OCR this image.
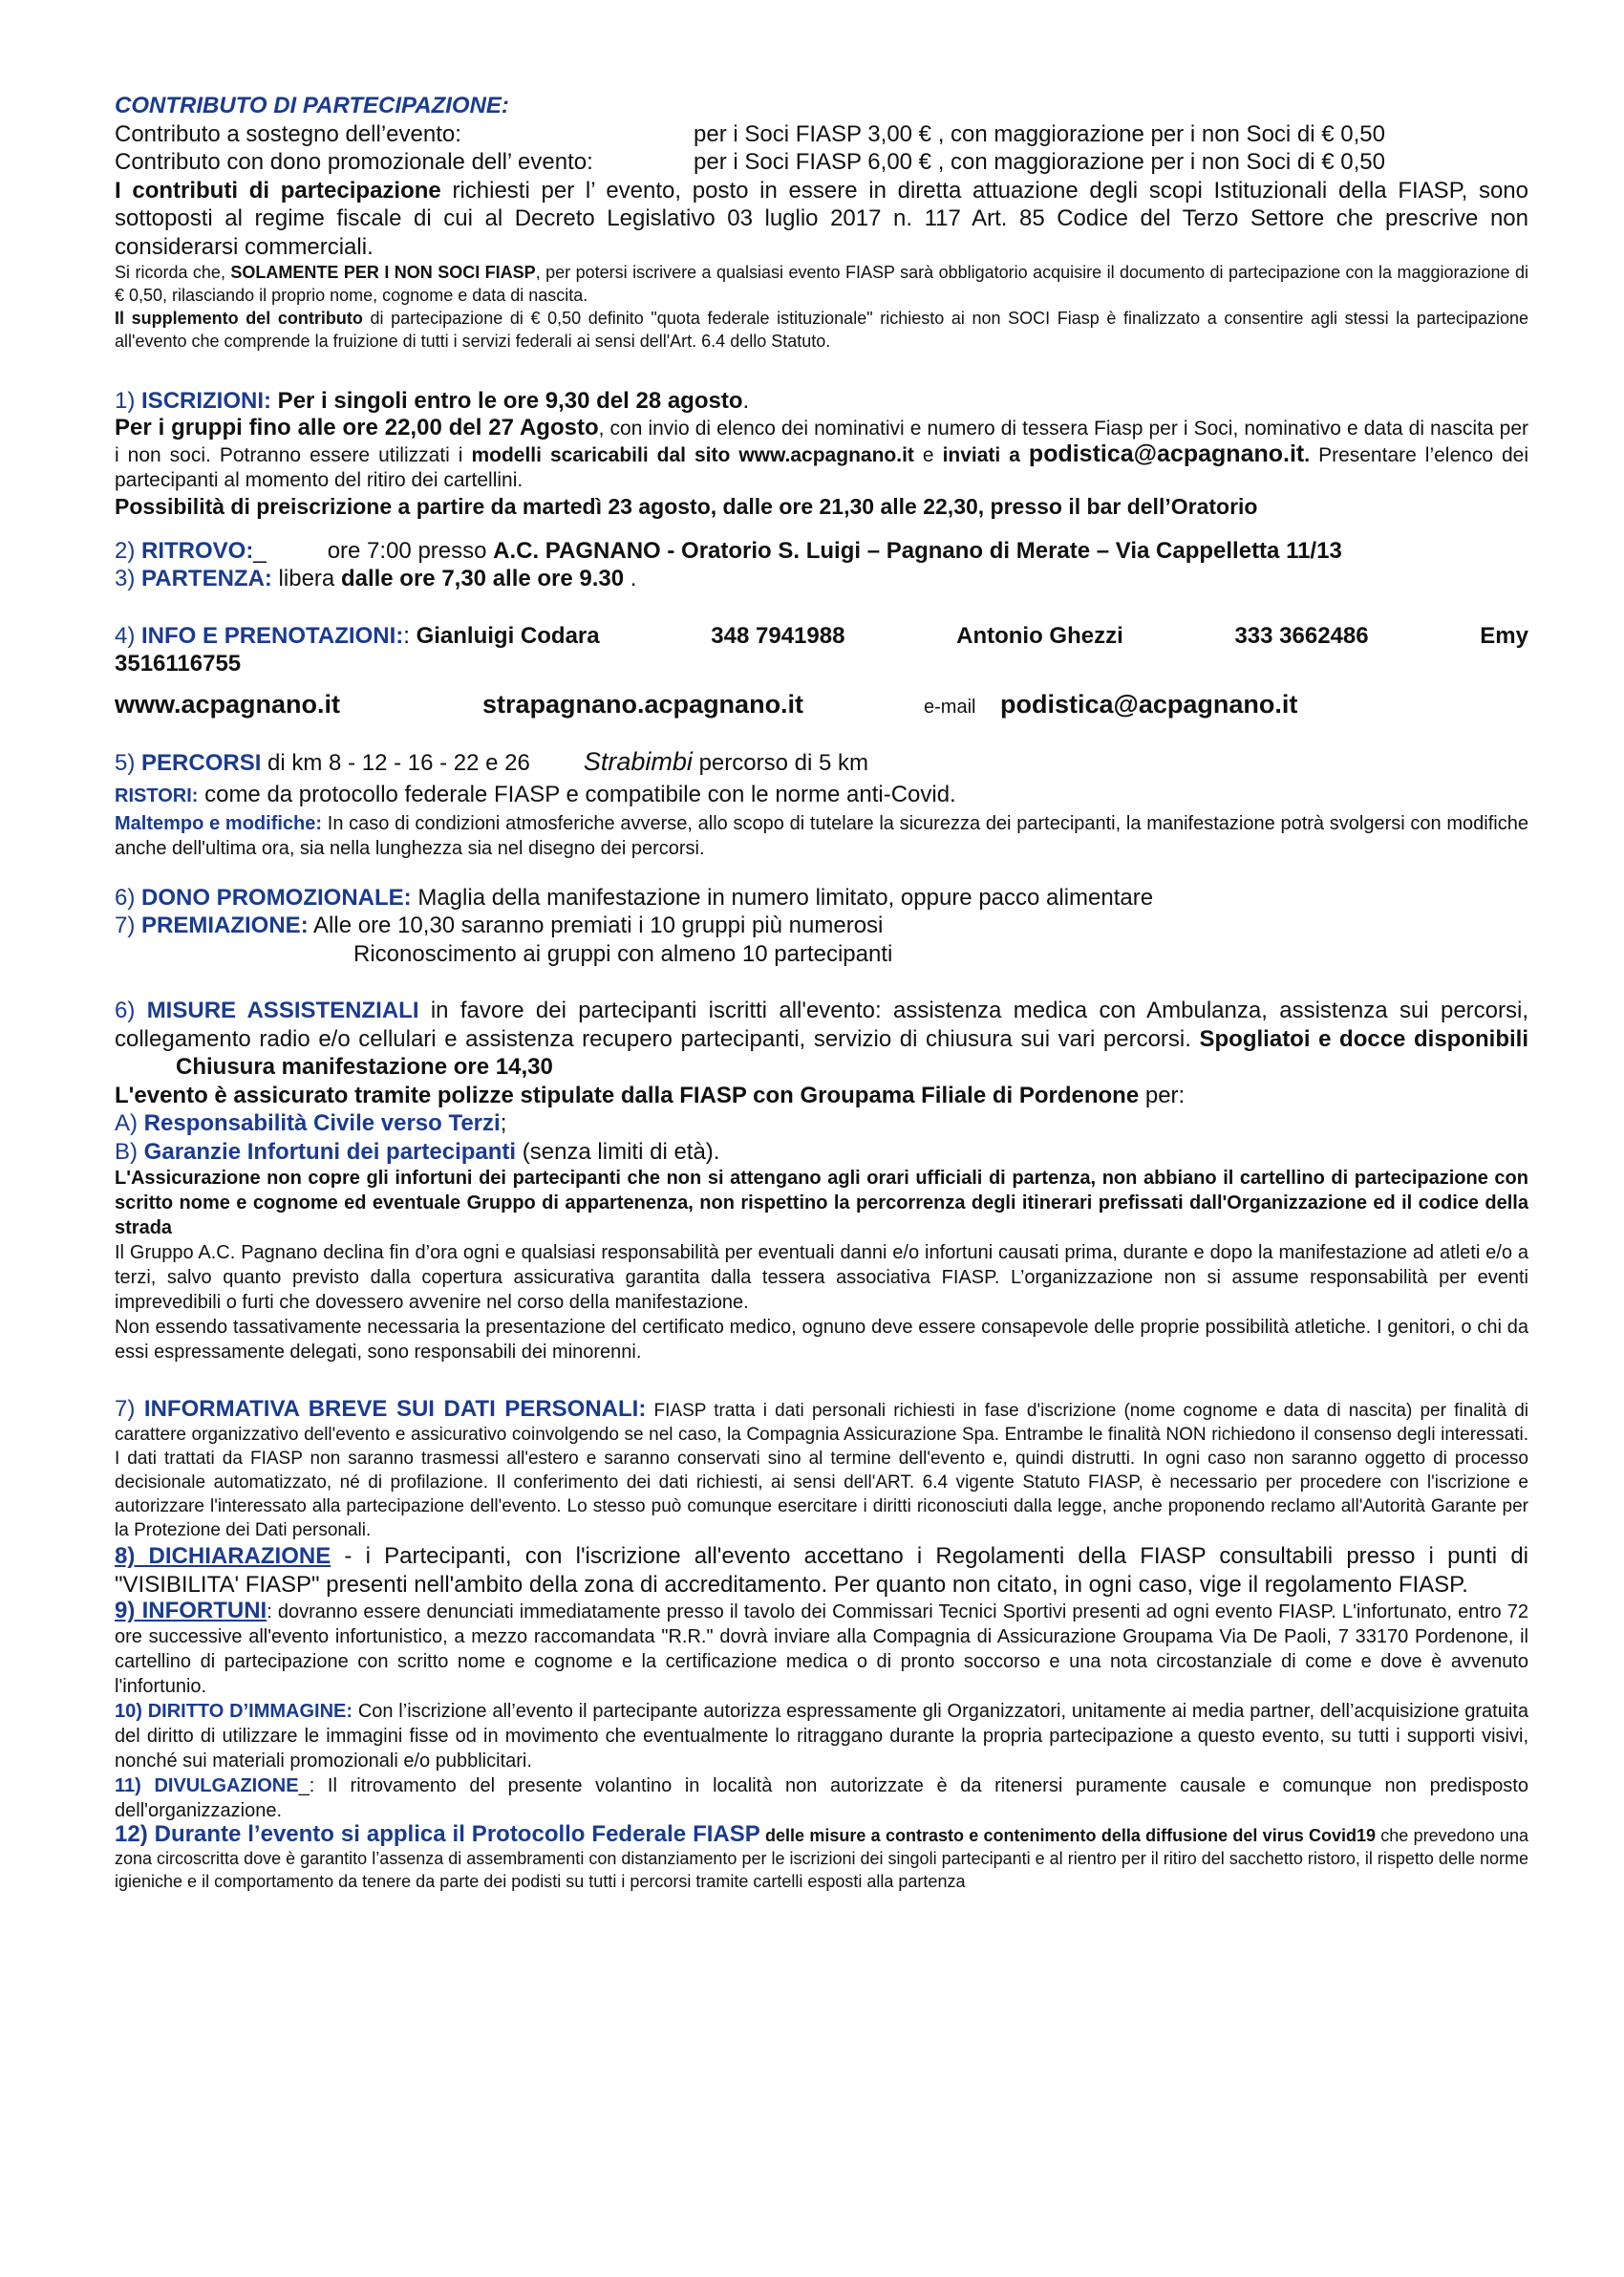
CONTRIBUTO DI PARTECIPAZIONE:
Contributo a sostegno dell’evento:	per i Soci FIASP 3,00 € , con maggiorazione per i non Soci di € 0,50
Contributo con dono promozionale dell’ evento:	per i Soci FIASP 6,00 € , con maggiorazione per i non Soci di € 0,50
I contributi di partecipazione richiesti per l’ evento, posto in essere in diretta attuazione degli scopi Istituzionali della FIASP, sono sottoposti al regime fiscale di cui al Decreto Legislativo 03 luglio 2017 n. 117 Art. 85 Codice del Terzo Settore che prescrive non considerarsi commerciali.
Si ricorda che, SOLAMENTE PER I NON SOCI FIASP, per potersi iscrivere a qualsiasi evento FIASP sarà obbligatorio acquisire il documento di partecipazione con la maggiorazione di € 0,50, rilasciando il proprio nome, cognome e data di nascita.
Il supplemento del contributo di partecipazione di € 0,50 definito "quota federale istituzionale" richiesto ai non SOCI Fiasp è finalizzato a consentire agli stessi la partecipazione all'evento che comprende la fruizione di tutti i servizi federali ai sensi dell'Art. 6.4 dello Statuto.
1) ISCRIZIONI: Per i singoli entro le ore 9,30 del 28 agosto.
Per i gruppi fino alle ore 22,00 del 27 Agosto, con invio di elenco dei nominativi e numero di tessera Fiasp per i Soci, nominativo e data di nascita per i non soci. Potranno essere utilizzati i modelli scaricabili dal sito www.acpagnano.it e inviati a podistica@acpagnano.it. Presentare l’elenco dei partecipanti al momento del ritiro dei cartellini.
Possibilità di preiscrizione a partire da martedì 23 agosto, dalle ore 21,30 alle 22,30, presso il bar dell’Oratorio
2) RITROVO:_	ore 7:00 presso A.C. PAGNANO - Oratorio S. Luigi – Pagnano di Merate – Via Cappelletta 11/13
3) PARTENZA: libera dalle ore 7,30 alle ore 9.30 .
4) INFO E PRENOTAZIONI:: Gianluigi Codara	348 7941988	Antonio Ghezzi	333 3662486	Emy
3516116755
www.acpagnano.it	strapagnano.acpagnano.it	e-mail podistica@acpagnano.it
5) PERCORSI di km 8 - 12 - 16 - 22 e 26 Strabimbi percorso di 5 km
RISTORI: come da protocollo federale FIASP e compatibile con le norme anti-Covid.
Maltempo e modifiche: In caso di condizioni atmosferiche avverse, allo scopo di tutelare la sicurezza dei partecipanti, la manifestazione potrà svolgersi con modifiche anche dell'ultima ora, sia nella lunghezza sia nel disegno dei percorsi.
6) DONO PROMOZIONALE: Maglia della manifestazione in numero limitato, oppure pacco alimentare
7) PREMIAZIONE: Alle ore 10,30 saranno premiati i 10 gruppi più numerosi
Riconoscimento ai gruppi con almeno 10 partecipanti
6) MISURE ASSISTENZIALI in favore dei partecipanti iscritti all'evento: assistenza medica con Ambulanza, assistenza sui percorsi, collegamento radio e/o cellulari e assistenza recupero partecipanti, servizio di chiusura sui vari percorsi. Spogliatoi e docce disponibiliChiusura manifestazione ore 14,30
L'evento è assicurato tramite polizze stipulate dalla FIASP con Groupama Filiale di Pordenone per:
A) Responsabilità Civile verso Terzi;
B) Garanzie Infortuni dei partecipanti (senza limiti di età).
L'Assicurazione non copre gli infortuni dei partecipanti che non si attengano agli orari ufficiali di partenza, non abbiano il cartellino di partecipazione con scritto nome e cognome ed eventuale Gruppo di appartenenza, non rispettino la percorrenza degli itinerari prefissati dall'Organizzazione ed il codice della strada
Il Gruppo A.C. Pagnano declina fin d’ora ogni e qualsiasi responsabilità per eventuali danni e/o infortuni causati prima, durante e dopo la manifestazione ad atleti e/o a terzi, salvo quanto previsto dalla copertura assicurativa garantita dalla tessera associativa FIASP. L’organizzazione non si assume responsabilità per eventi imprevedibili o furti che dovessero avvenire nel corso della manifestazione.
Non essendo tassativamente necessaria la presentazione del certificato medico, ognuno deve essere consapevole delle proprie possibilità atletiche. I genitori, o chi da essi espressamente delegati, sono responsabili dei minorenni.
7) INFORMATIVA BREVE SUI DATI PERSONALI: FIASP tratta i dati personali richiesti in fase d'iscrizione (nome cognome e data di nascita) per finalità di carattere organizzativo dell'evento e assicurativo coinvolgendo se nel caso, la Compagnia Assicurazione Spa. Entrambe le finalità NON richiedono il consenso degli interessati. I dati trattati da FIASP non saranno trasmessi all'estero e saranno conservati sino al termine dell'evento e, quindi distrutti. In ogni caso non saranno oggetto di processo decisionale automatizzato, né di profilazione. Il conferimento dei dati richiesti, ai sensi dell'ART. 6.4 vigente Statuto FIASP, è necessario per procedere con l'iscrizione e autorizzare l'interessato alla partecipazione dell'evento. Lo stesso può comunque esercitare i diritti riconosciuti dalla legge, anche proponendo reclamo all'Autorità Garante per la Protezione dei Dati personali.
8) DICHIARAZIONE - i Partecipanti, con l'iscrizione all'evento accettano i Regolamenti della FIASP consultabili presso i punti di "VISIBILITA' FIASP" presenti nell'ambito della zona di accreditamento. Per quanto non citato, in ogni caso, vige il regolamento FIASP.
9) INFORTUNI: dovranno essere denunciati immediatamente presso il tavolo dei Commissari Tecnici Sportivi presenti ad ogni evento FIASP. L'infortunato, entro 72 ore successive all'evento infortunistico, a mezzo raccomandata "R.R." dovrà inviare alla Compagnia di Assicurazione Groupama Via De Paoli, 7 33170 Pordenone, il cartellino di partecipazione con scritto nome e cognome e la certificazione medica o di pronto soccorso e una nota circostanziale di come e dove è avvenuto l'infortunio.
10) DIRITTO D’IMMAGINE: Con l’iscrizione all’evento il partecipante autorizza espressamente gli Organizzatori, unitamente ai media partner, dell’acquisizione gratuita del diritto di utilizzare le immagini fisse od in movimento che eventualmente lo ritraggano durante la propria partecipazione a questo evento, su tutti i supporti visivi, nonché sui materiali promozionali e/o pubblicitari.
11) DIVULGAZIONE_: Il ritrovamento del presente volantino in località non autorizzate è da ritenersi puramente causale e comunque non predisposto dell'organizzazione.
12) Durante l’evento si applica il Protocollo Federale FIASP delle misure a contrasto e contenimento della diffusione del virus Covid19 che prevedono una zona circoscritta dove è garantito l’assenza di assembramenti con distanziamento per le iscrizioni dei singoli partecipanti e al rientro per il ritiro del sacchetto ristoro, il rispetto delle norme igieniche e il comportamento da tenere da parte dei podisti su tutti i percorsi tramite cartelli esposti alla partenza
